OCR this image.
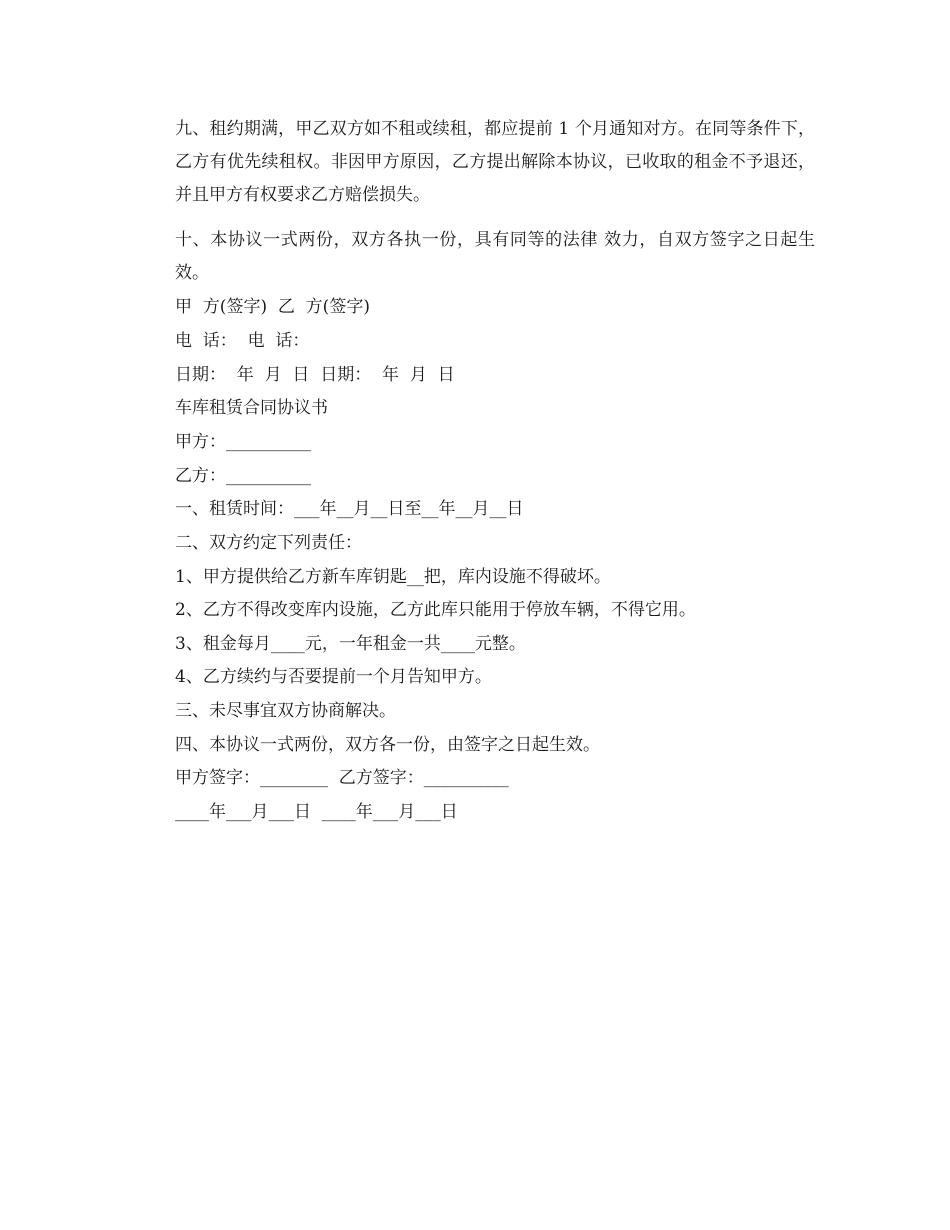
九、租约期满，甲乙双方如不租或续租，都应提前 1 个月通知对方。在同等条件下，乙方有优先续租权。非因甲方原因，乙方提出解除本协议，已收取的租金不予退还，并且甲方有权要求乙方赔偿损失。

十、本协议一式两份，双方各执一份，具有同等的法律 效力，自双方签字之日起生效。

甲  方(签字)  乙  方(签字)
电  话：  电  话：
日期：  年  月  日  日期：  年  月  日
车库租赁合同协议书
甲方：__________
乙方：__________
一、租赁时间：___年__月__日至__年__月__日
二、双方约定下列责任：
1、甲方提供给乙方新车库钥匙__把，库内设施不得破坏。
2、乙方不得改变库内设施，乙方此库只能用于停放车辆，不得它用。
3、租金每月____元，一年租金一共____元整。
4、乙方续约与否要提前一个月告知甲方。
三、未尽事宜双方协商解决。
四、本协议一式两份，双方各一份，由签字之日起生效。
甲方签字：________  乙方签字：__________
____年___月___日  ____年___月___日
